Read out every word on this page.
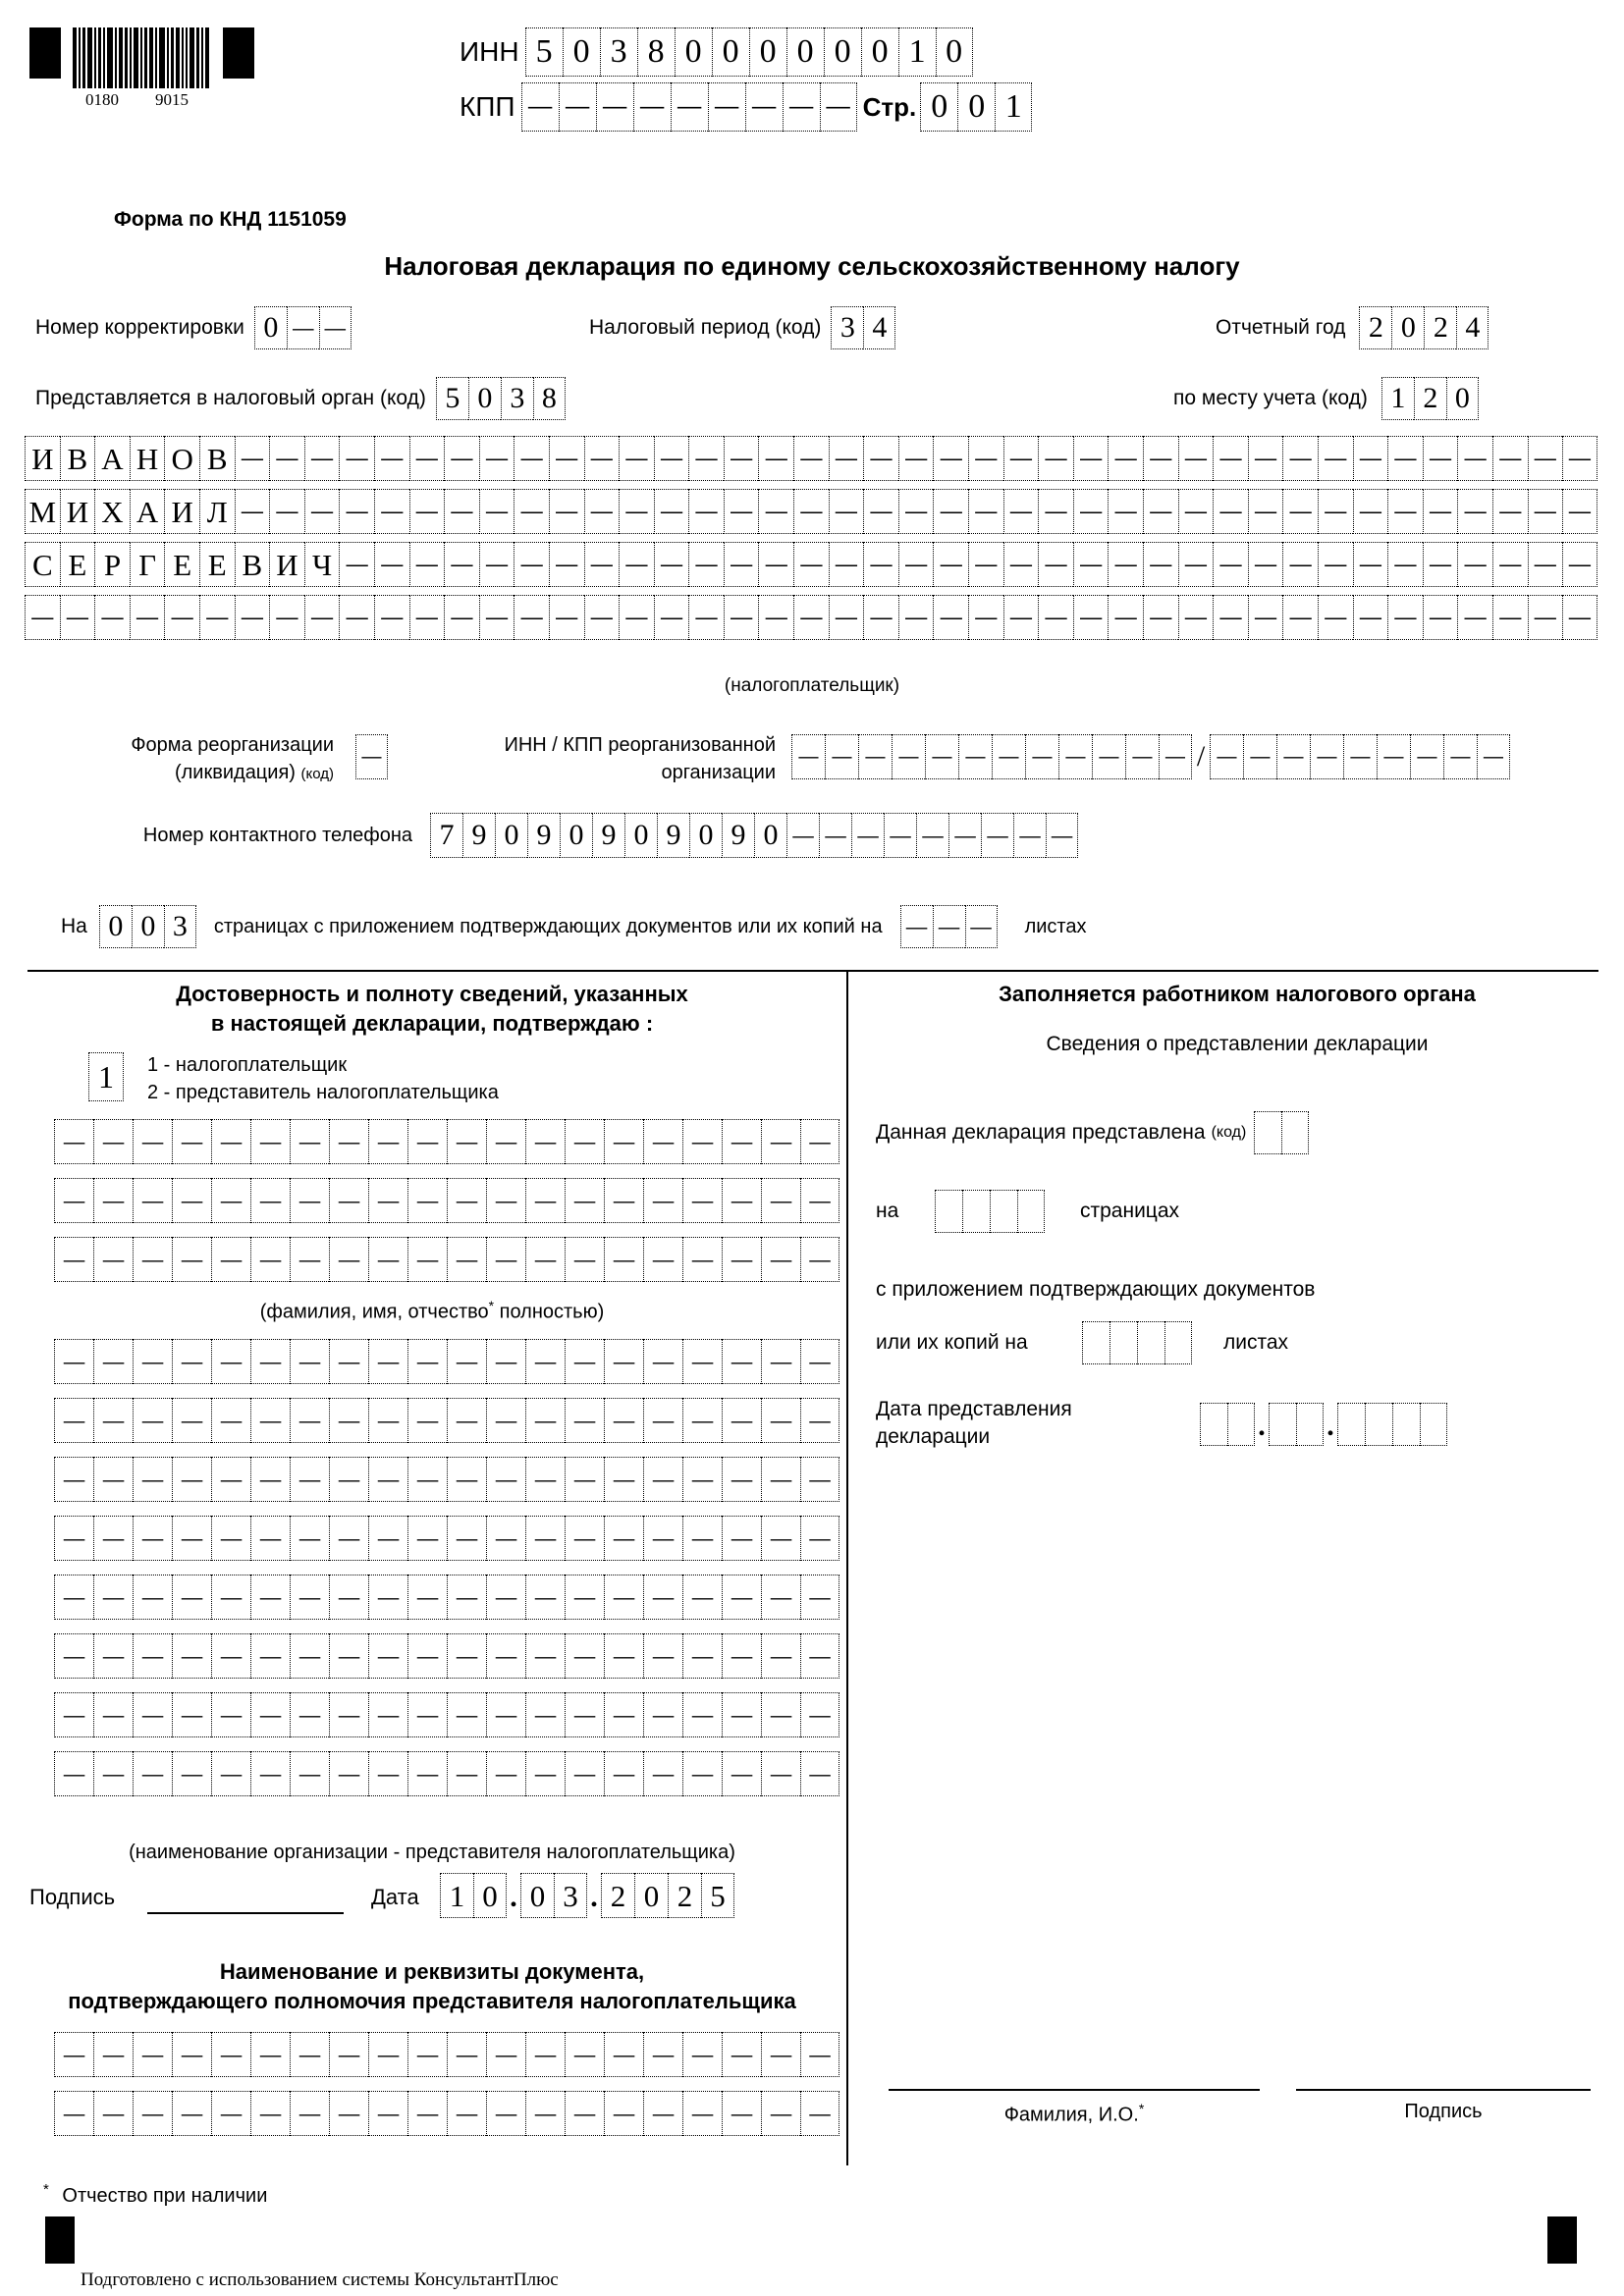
0180	9015
ИНН 5 0 3 8 0 0 0 0 0 0 1 0
КПП — — — — — — — — — Стр. 0 0 1
Форма по КНД 1151059
Налоговая декларация по единому сельскохозяйственному налогу
Номер корректировки 0 — —	Налоговый период (код) 3 4	Отчетный год 2 0 2 4
Представляется в налоговый орган (код) 5 0 3 8	по месту учета (код) 1 2 0
И В А Н О В — — — — — — — — — — — — — — — — — — — — — — — — — — — — — — — — — — — — — — —
М И Х А И Л — — — — — — — — — — — — — — — — — — — — — — — — — — — — — — — — — — — — — — —
С Е Р Г Е Е В И Ч — — — — — — — — — — — — — — — — — — — — — — — — — — — — — — — — — — — —
— — — — — — — — — — — — — — — — — — — — — — — — — — — — — — — — — — — — — — — — — — — — —
(налогоплательщик)
Форма реорганизации
(ликвидация) (код)
—
ИНН / КПП реорганизованной
организации
— — — — — — — — — — — — / — — — — — — — — —
Номер контактного телефона 7 9 0 9 0 9 0 9 0 9 0 — — — — — — — — —
На 0 0 3	страницах с приложением подтверждающих документов или их копий на — — — листах
Достоверность и полноту сведений, указанных
в настоящей декларации, подтверждаю :
1	1 - налогоплательщик
2 - представитель налогоплательщика
— — — — — — — — — — — — — — — — — — — —
— — — — — — — — — — — — — — — — — — — —
— — — — — — — — — — — — — — — — — — — —
(фамилия, имя, отчество* полностью)
— — — — — — — — — — — — — — — — — — — —
— — — — — — — — — — — — — — — — — — — —
— — — — — — — — — — — — — — — — — — — —
— — — — — — — — — — — — — — — — — — — —
— — — — — — — — — — — — — — — — — — — —
— — — — — — — — — — — — — — — — — — — —
— — — — — — — — — — — — — — — — — — — —
— — — — — — — — — — — — — — — — — — — —
(наименование организации - представителя налогоплательщика)
Подпись	Дата	1 0 . 0 3 . 2 0 2 5
Наименование и реквизиты документа,
подтверждающего полномочия представителя налогоплательщика
— — — — — — — — — — — — — — — — — — — —
— — — — — — — — — — — — — — — — — — — —
Заполняется работником налогового органа
Сведения о представлении декларации
Данная декларация представлена (код)
на	страницах
с приложением подтверждающих документов
или их копий на	листах
Дата представления
декларации	. .
Фамилия, И.О.*	Подпись
* Отчество при наличии
Подготовлено с использованием системы КонсультантПлюс
